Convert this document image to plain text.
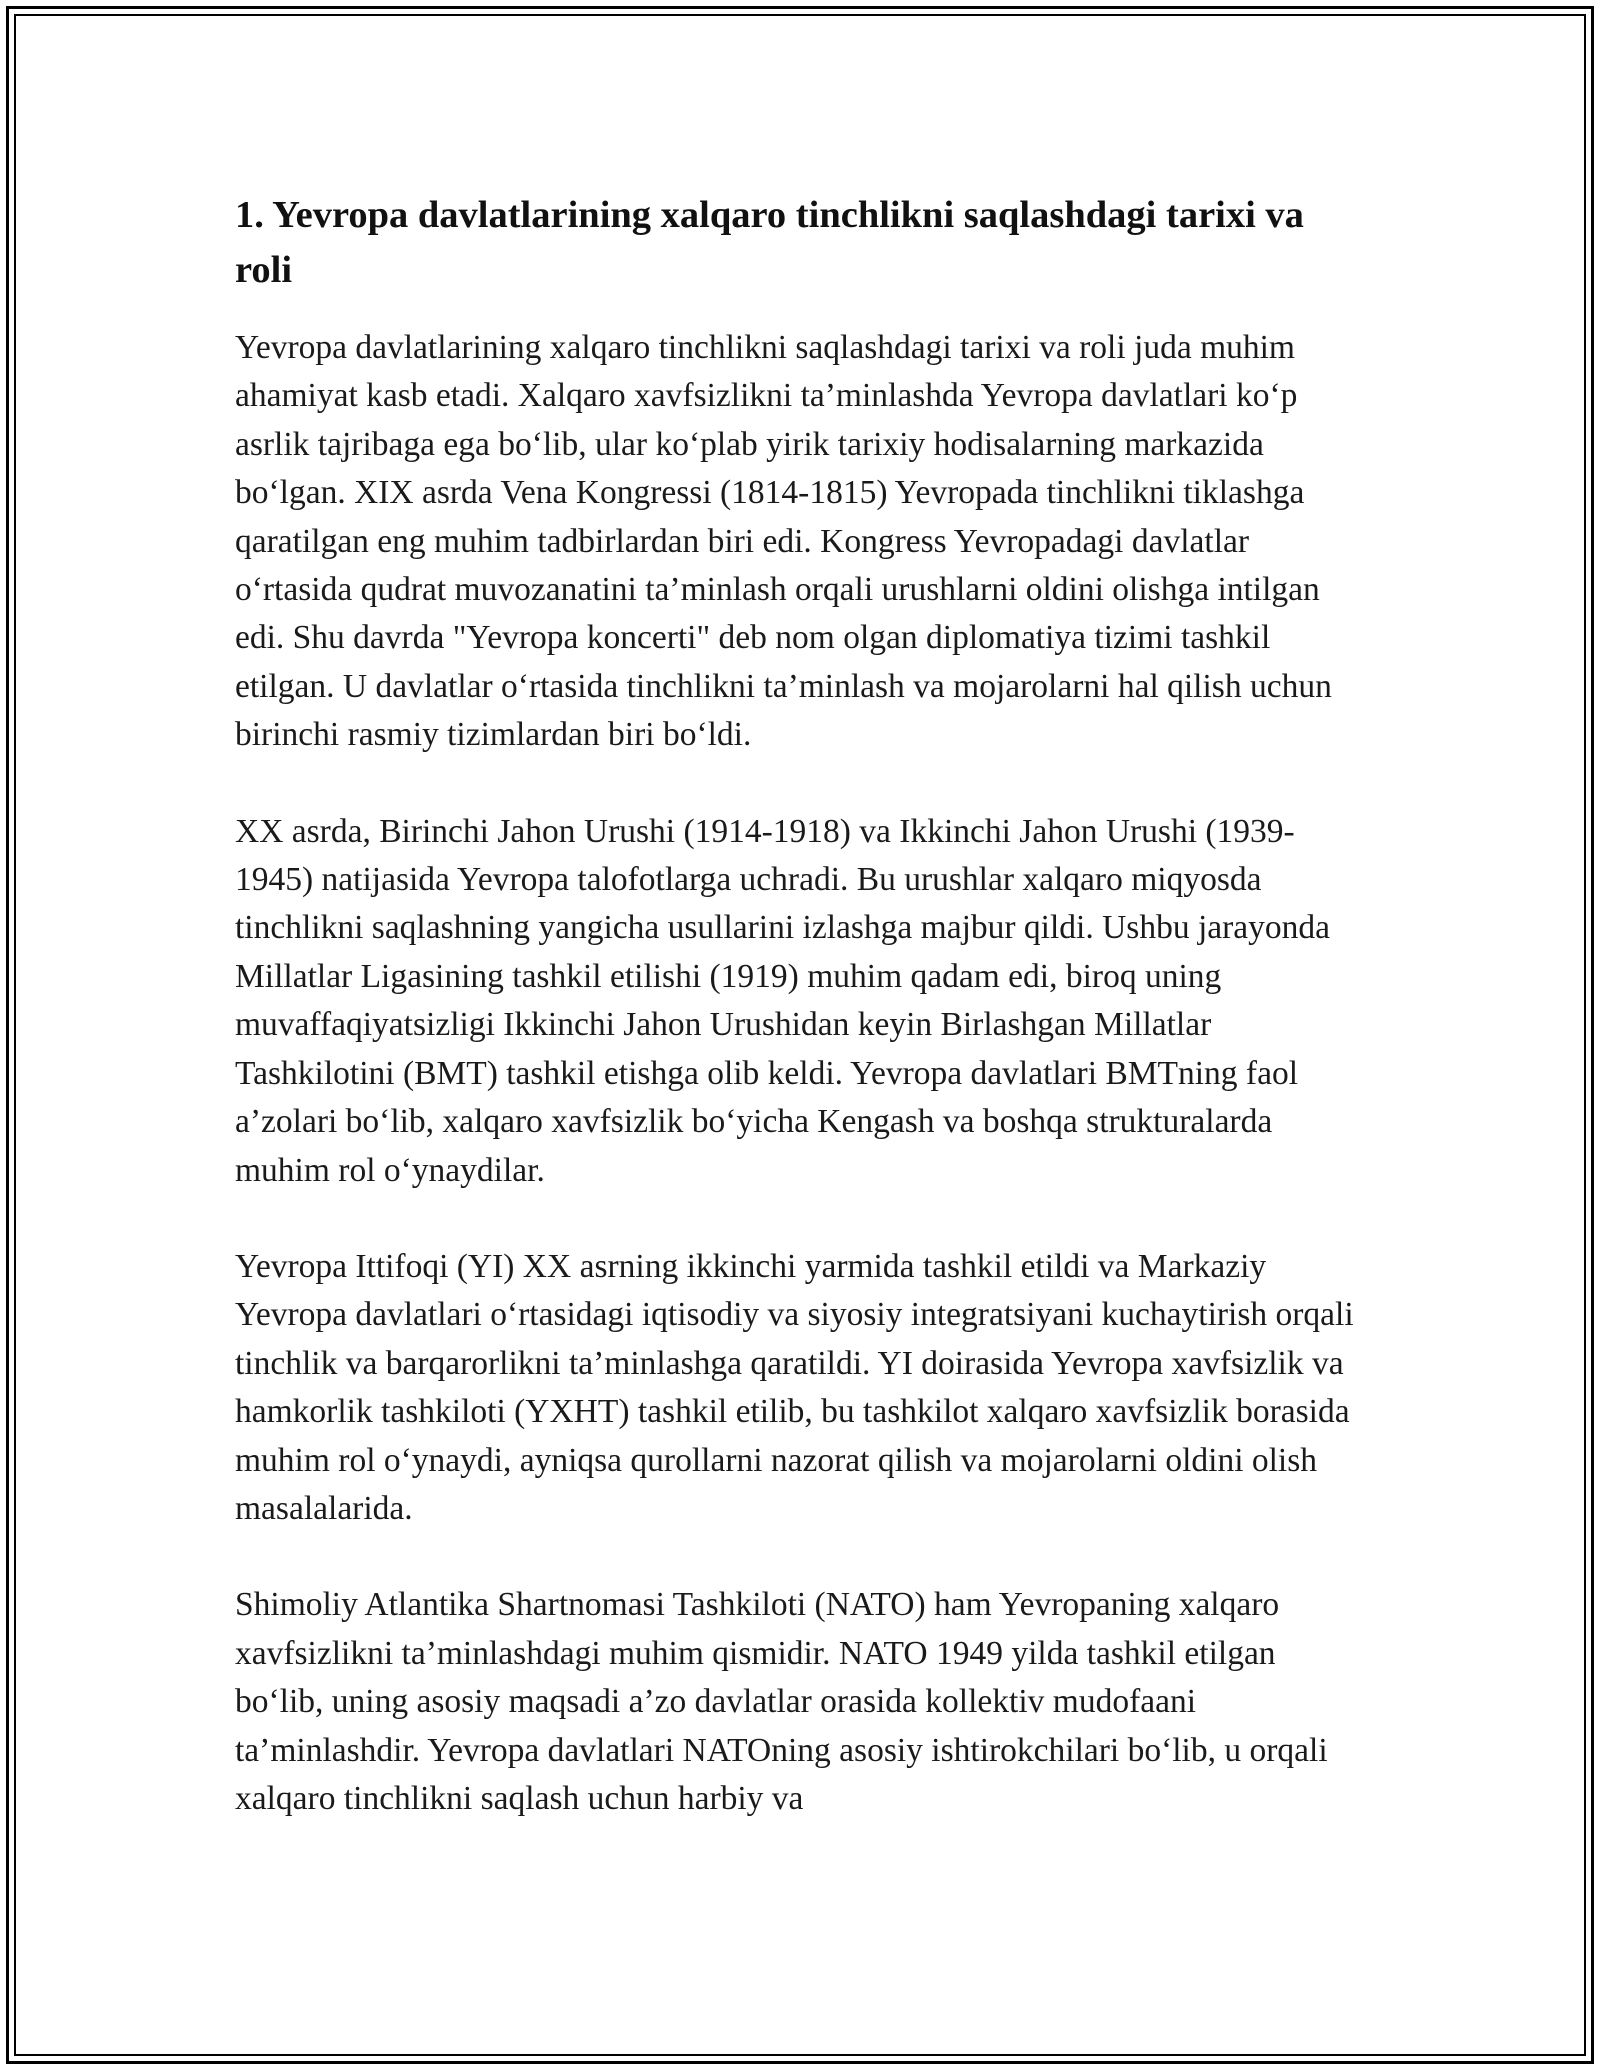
1. Yevropa davlatlarining xalqaro tinchlikni saqlashdagi tarixi va roli

Yevropa davlatlarining xalqaro tinchlikni saqlashdagi tarixi va roli juda muhim ahamiyat kasb etadi. Xalqaro xavfsizlikni ta’minlashda Yevropa davlatlari ko‘p asrlik tajribaga ega bo‘lib, ular ko‘plab yirik tarixiy hodisalarning markazida bo‘lgan. XIX asrda Vena Kongressi (1814-1815) Yevropada tinchlikni tiklashga qaratilgan eng muhim tadbirlardan biri edi. Kongress Yevropadagi davlatlar o‘rtasida qudrat muvozanatini ta’minlash orqali urushlarni oldini olishga intilgan edi. Shu davrda "Yevropa koncerti" deb nom olgan diplomatiya tizimi tashkil etilgan. U davlatlar o‘rtasida tinchlikni ta’minlash va mojarolarni hal qilish uchun birinchi rasmiy tizimlardan biri bo‘ldi.

XX asrda, Birinchi Jahon Urushi (1914-1918) va Ikkinchi Jahon Urushi (1939-1945) natijasida Yevropa talofotlarga uchradi. Bu urushlar xalqaro miqyosda tinchlikni saqlashning yangicha usullarini izlashga majbur qildi. Ushbu jarayonda Millatlar Ligasining tashkil etilishi (1919) muhim qadam edi, biroq uning muvaffaqiyatsizligi Ikkinchi Jahon Urushidan keyin Birlashgan Millatlar Tashkilotini (BMT) tashkil etishga olib keldi. Yevropa davlatlari BMTning faol a’zolari bo‘lib, xalqaro xavfsizlik bo‘yicha Kengash va boshqa strukturalarda muhim rol o‘ynaydilar.

Yevropa Ittifoqi (YI) XX asrning ikkinchi yarmida tashkil etildi va Markaziy Yevropa davlatlari o‘rtasidagi iqtisodiy va siyosiy integratsiyani kuchaytirish orqali tinchlik va barqarorlikni ta’minlashga qaratildi. YI doirasida Yevropa xavfsizlik va hamkorlik tashkiloti (YXHT) tashkil etilib, bu tashkilot xalqaro xavfsizlik borasida muhim rol o‘ynaydi, ayniqsa qurollarni nazorat qilish va mojarolarni oldini olish masalalarida.

Shimoliy Atlantika Shartnomasi Tashkiloti (NATO) ham Yevropaning xalqaro xavfsizlikni ta’minlashdagi muhim qismidir. NATO 1949 yilda tashkil etilgan bo‘lib, uning asosiy maqsadi a’zo davlatlar orasida kollektiv mudofaani ta’minlashdir. Yevropa davlatlari NATOning asosiy ishtirokchilari bo‘lib, u orqali xalqaro tinchlikni saqlash uchun harbiy va
